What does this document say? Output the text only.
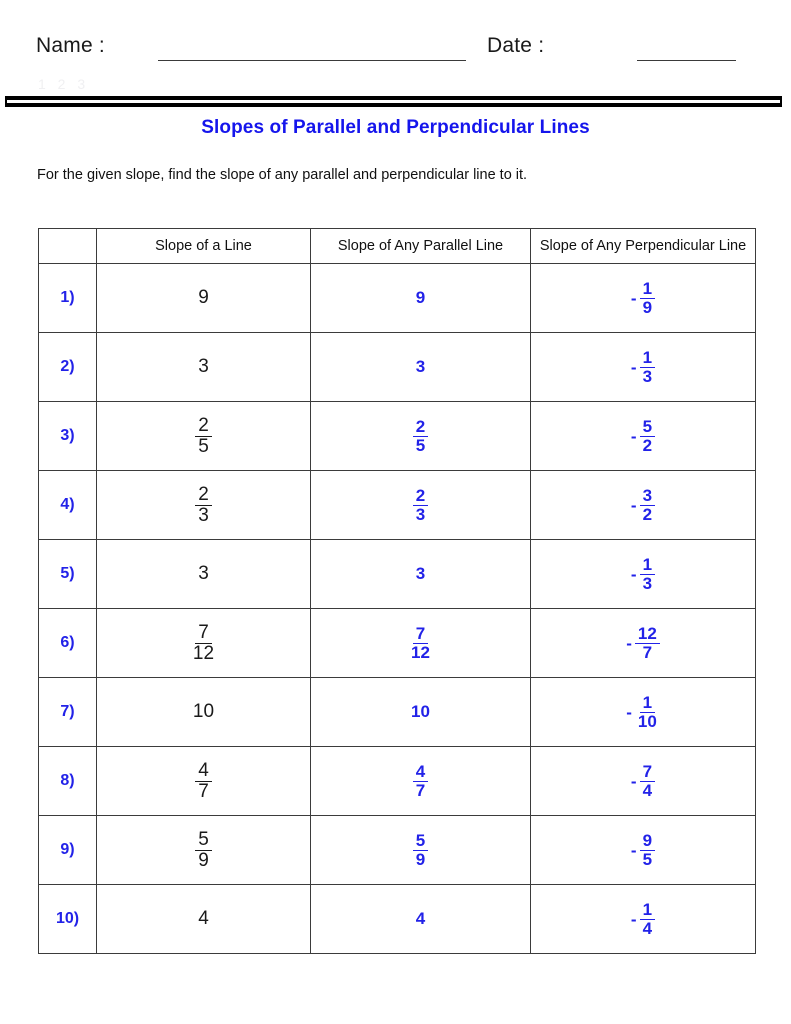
Name :	Date :
1 2 3
Slopes of Parallel and Perpendicular Lines
For the given slope, find the slope of any parallel and perpendicular line to it.
	Slope of a Line	Slope of Any Parallel Line	Slope of Any Perpendicular Line
1)	9	9	- $\frac{1}{9}$

2)	3	3	- $\frac{1}{3}$

3)	$\frac{2}{5}$	$\frac{2}{5}$	- $\frac{5}{2}$

4)	$\frac{2}{3}$	$\frac{2}{3}$	- $\frac{3}{2}$

5)	3	3	- $\frac{1}{3}$

6)	$\frac{7}{12}$	$\frac{7}{12}$	- $\frac{12}{7}$

7)	10	10	- $\frac{1}{10}$

8)	$\frac{4}{7}$	$\frac{4}{7}$	- $\frac{7}{4}$

9)	$\frac{5}{9}$	$\frac{5}{9}$	- $\frac{9}{5}$

10)	4	4	- $\frac{1}{4}$
